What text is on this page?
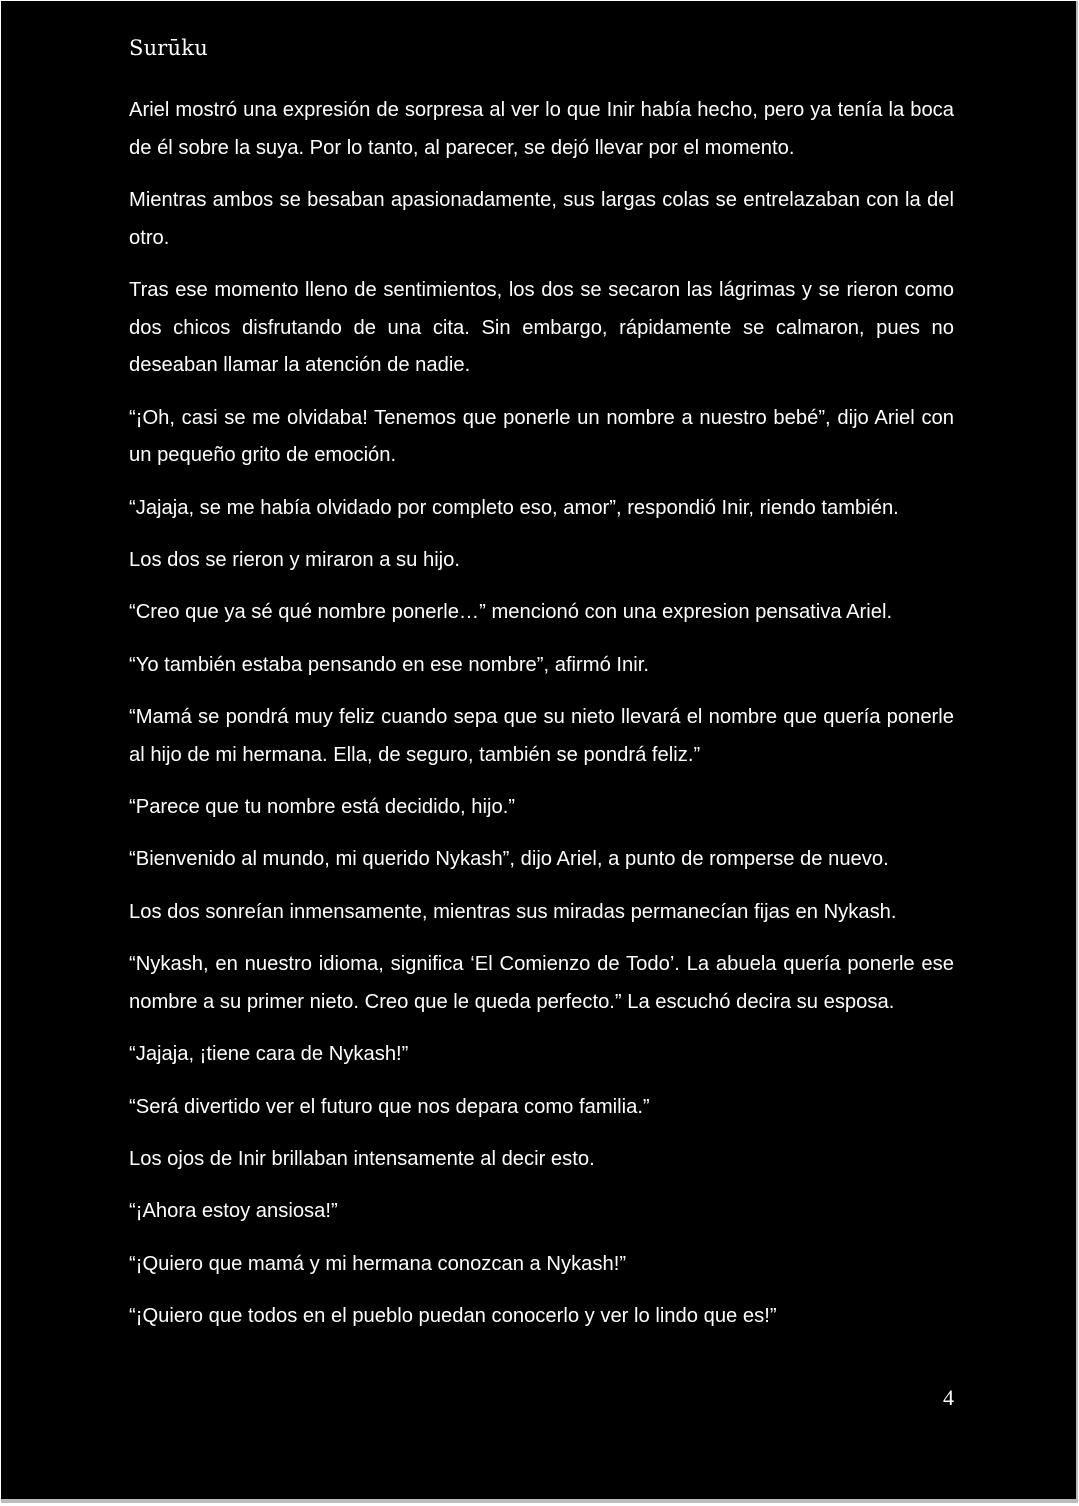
Surūku

Ariel mostró una expresión de sorpresa al ver lo que Inir había hecho, pero ya tenía la boca de él sobre la suya. Por lo tanto, al parecer, se dejó llevar por el momento.

Mientras ambos se besaban apasionadamente, sus largas colas se entrelazaban con la del otro.

Tras ese momento lleno de sentimientos, los dos se secaron las lágrimas y se rieron como dos chicos disfrutando de una cita. Sin embargo, rápidamente se calmaron, pues no deseaban llamar la atención de nadie.

“¡Oh, casi se me olvidaba! Tenemos que ponerle un nombre a nuestro bebé”, dijo Ariel con un pequeño grito de emoción.

“Jajaja, se me había olvidado por completo eso, amor”, respondió Inir, riendo también.

Los dos se rieron y miraron a su hijo.

“Creo que ya sé qué nombre ponerle…” mencionó con una expresion pensativa Ariel.

“Yo también estaba pensando en ese nombre”, afirmó Inir.

“Mamá se pondrá muy feliz cuando sepa que su nieto llevará el nombre que quería ponerle al hijo de mi hermana. Ella, de seguro, también se pondrá feliz.”

“Parece que tu nombre está decidido, hijo.”

“Bienvenido al mundo, mi querido Nykash”, dijo Ariel, a punto de romperse de nuevo.

Los dos sonreían inmensamente, mientras sus miradas permanecían fijas en Nykash.

“Nykash, en nuestro idioma, significa ‘El Comienzo de Todo’. La abuela quería ponerle ese nombre a su primer nieto. Creo que le queda perfecto.” La escuchó decira su esposa.

“Jajaja, ¡tiene cara de Nykash!”

“Será divertido ver el futuro que nos depara como familia.”

Los ojos de Inir brillaban intensamente al decir esto.

“¡Ahora estoy ansiosa!”

“¡Quiero que mamá y mi hermana conozcan a Nykash!”

“¡Quiero que todos en el pueblo puedan conocerlo y ver lo lindo que es!”

4
